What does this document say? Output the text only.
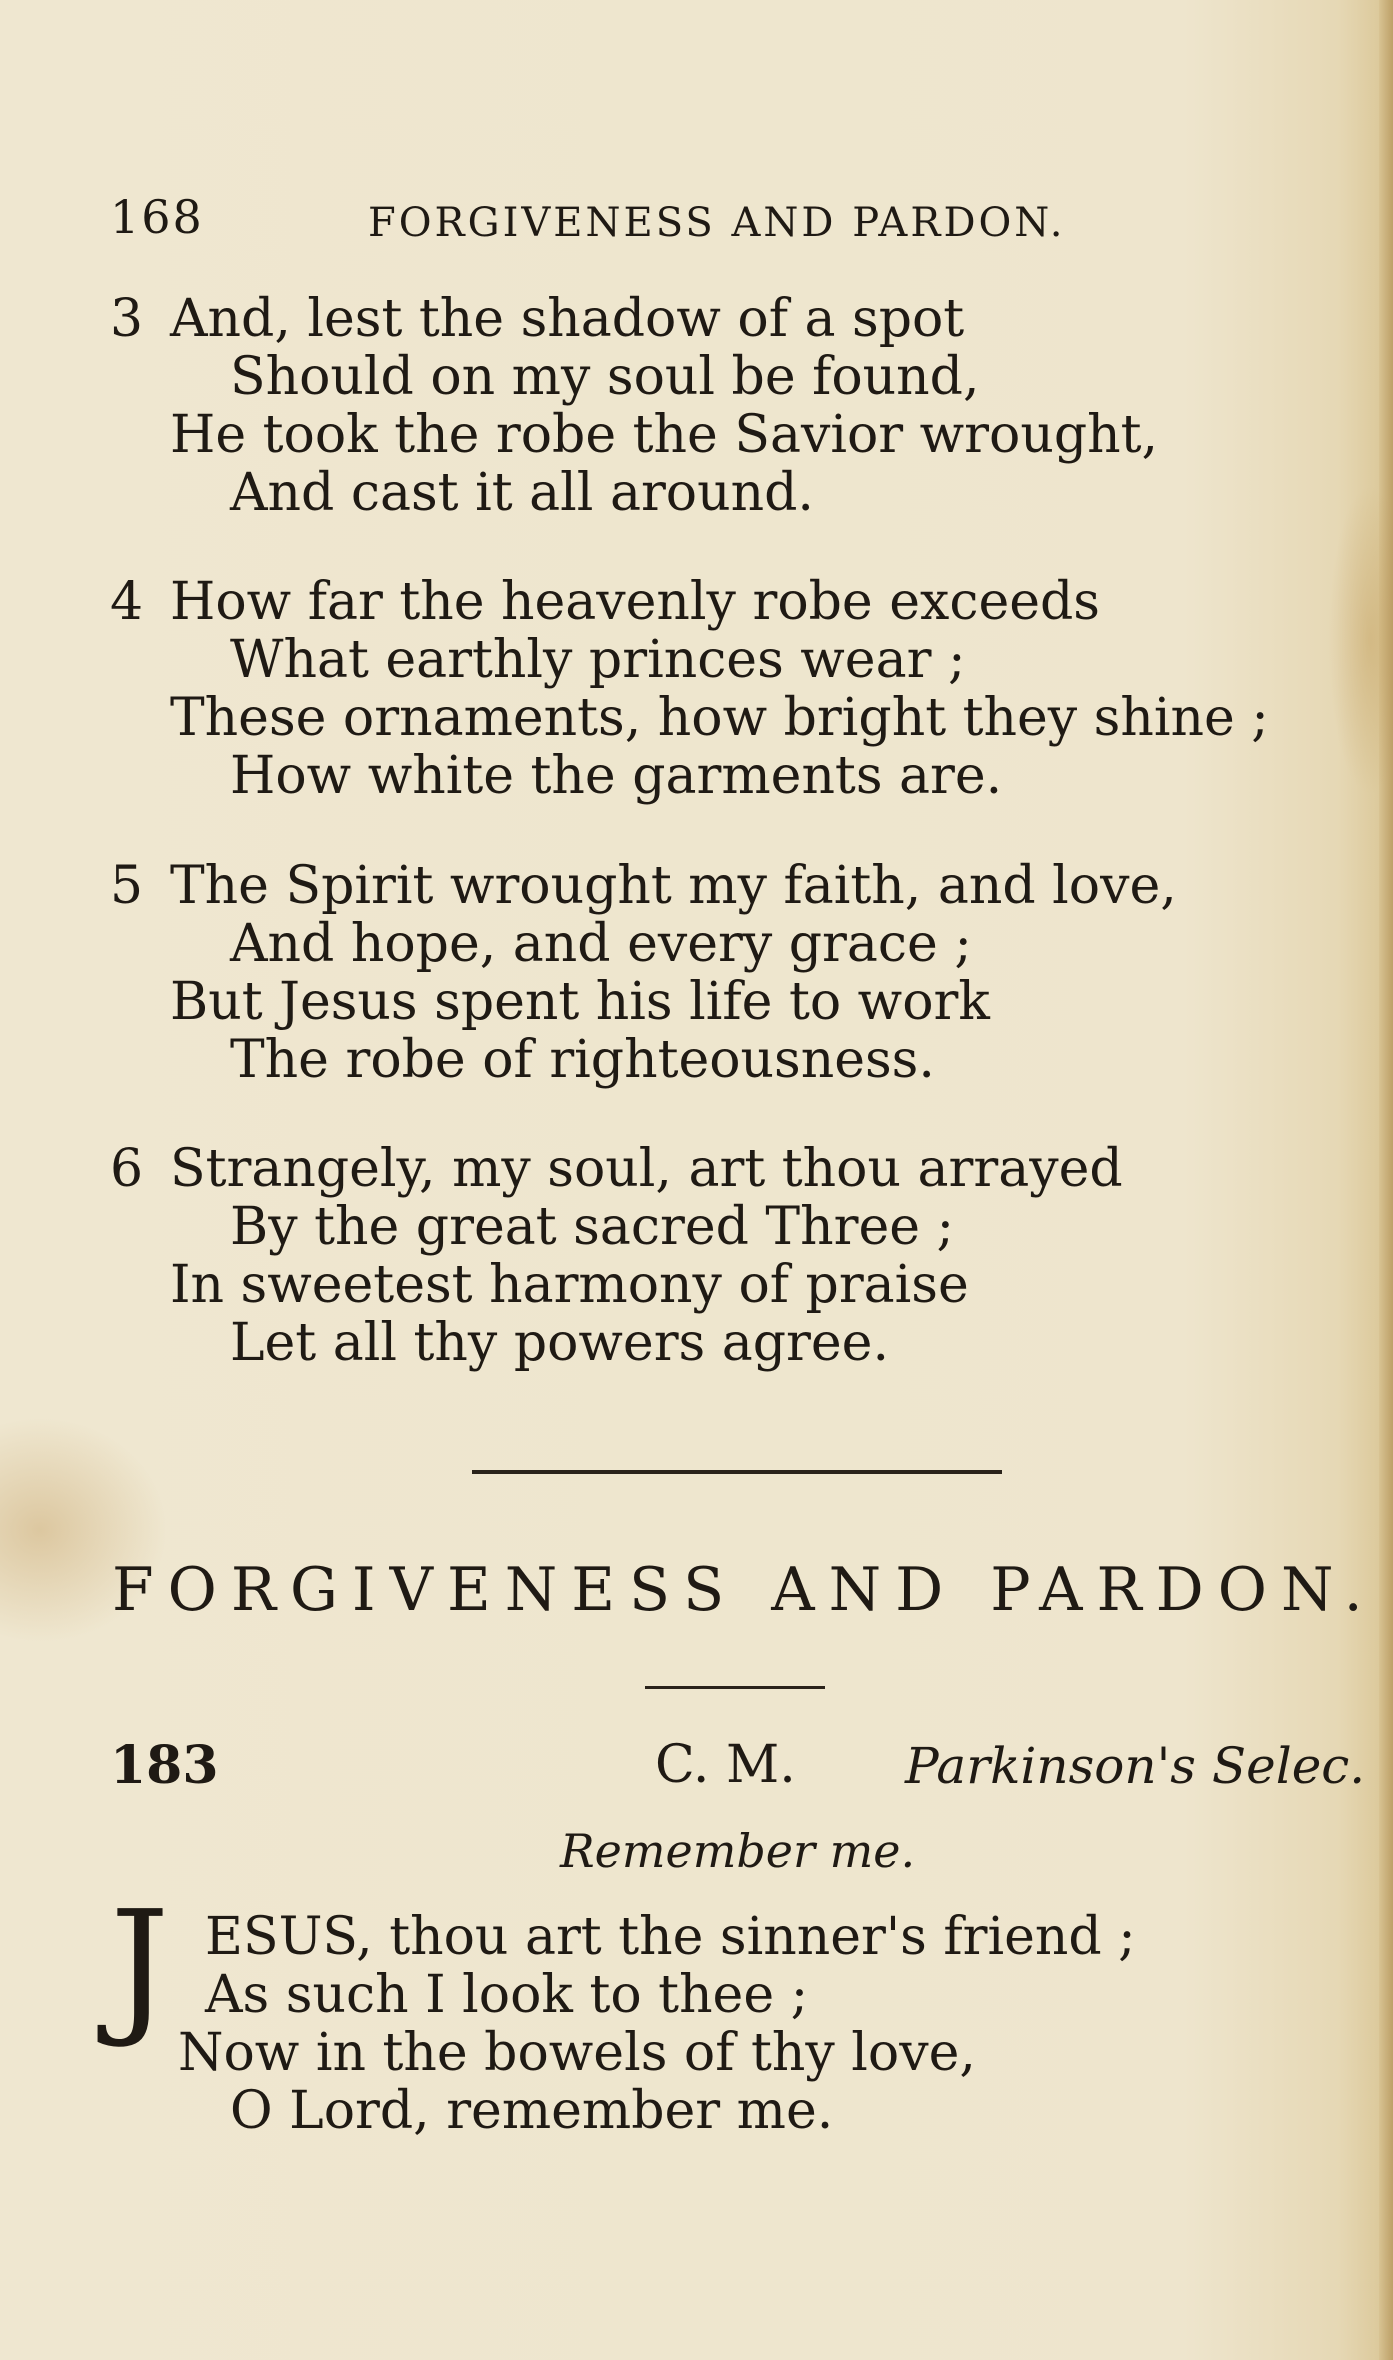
168	FORGIVENESS AND PARDON.
3 And, lest the shadow of a spot
Should on my soul be found,
He took the robe the Savior wrought,
And cast it all around.
4 How far the heavenly robe exceeds
What earthly princes wear ;
These ornaments, how bright they shine ;
How white the garments are.
5 The Spirit wrought my faith, and love,
And hope, and every grace ;
But Jesus spent his life to work
The robe of righteousness.
6 Strangely, my soul, art thou arrayed
By the great sacred Three ;
In sweetest harmony of praise
Let all thy powers agree.
FORGIVENESS AND PARDON.
183	C. M. Parkinson's Selec.
Remember me.
J ESUS, thou art the sinner's friend ;
As such I look to thee ;
Now in the bowels of thy love,
O Lord, remember me.
